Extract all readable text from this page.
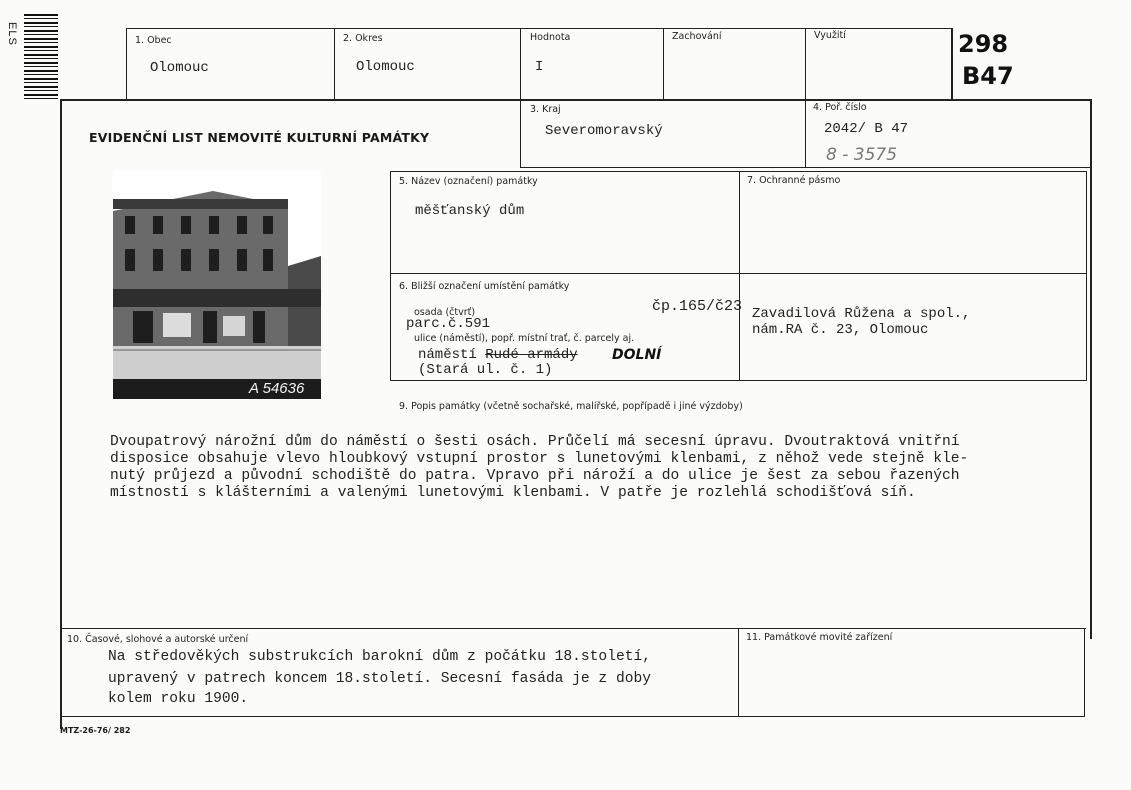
ELS	298
B47
1. Obec
Olomouc
2. Okres
Olomouc
Hodnota
I
Zachování	Využití
EVIDENČNÍ LIST NEMOVITÉ KULTURNÍ PAMÁTKY
3. Kraj
Severomoravský
4. Poř. číslo
2042/ B 47
8 - 3575
A 54636
5. Název (označení) památky
měšťanský dům
7. Ochranné pásmo
6. Bližší označení umístění památky
osada (čtvrť)	čp.165/č23
parc.č.591
ulice (náměstí), popř. místní trať, č. parcely aj.
náměstí Rudé armády DOLNÍ
(Stará ul. č. 1)
Zavadilová Růžena a spol.,
nám.RA č. 23, Olomouc
9. Popis památky (včetně sochařské, malířské, popřípadě i jiné výzdoby)
Dvoupatrový nárožní dům do náměstí o šesti osách. Průčelí má secesní úpravu. Dvoutraktová vnitřní
disposice obsahuje vlevo hloubkový vstupní prostor s lunetovými klenbami, z něhož vede stejně kle-
nutý průjezd a původní schodiště do patra. Vpravo při nároží a do ulice je šest za sebou řazených
místností s klášterními a valenými lunetovými klenbami. V patře je rozlehlá schodišťová síň.
10. Časové, slohové a autorské určení
Na středověkých substrukcích barokní dům z počátku 18.století,
upravený v patrech koncem 18.století. Secesní fasáda je z doby
kolem roku 1900.
11. Památkové movité zařízení
MTZ-26-76/ 282
